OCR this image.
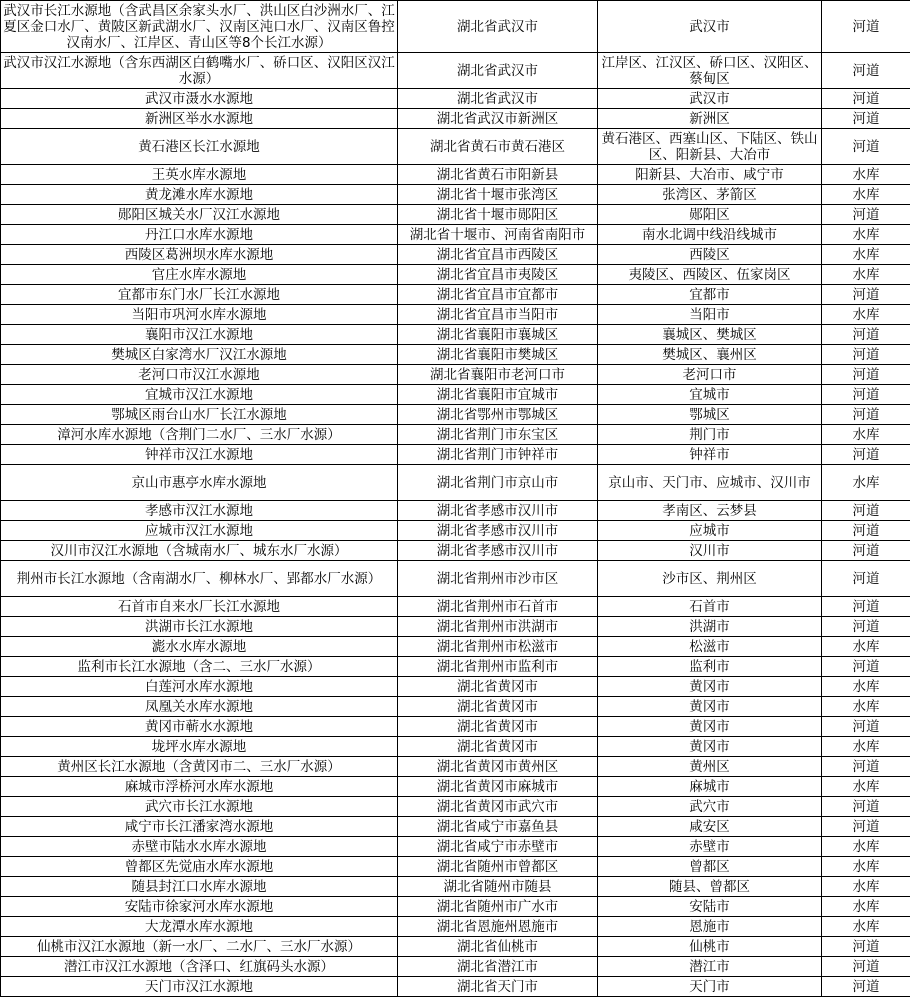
武汉市长江水源地（含武昌区余家头水厂、洪山区白沙洲水厂、江夏区金口水厂、黄陂区新武湖水厂、汉南区沌口水厂、汉南区鲁控汉南水厂、江岸区、青山区等8个长江水源）	湖北省武汉市	武汉市	河道
武汉市汉江水源地（含东西湖区白鹤嘴水厂、硚口区、汉阳区汉江水源）	湖北省武汉市	江岸区、江汉区、硚口区、汉阳区、蔡甸区	河道
武汉市滠水水源地	湖北省武汉市	武汉市	河道
新洲区举水水源地	湖北省武汉市新洲区	新洲区	河道
黄石港区长江水源地	湖北省黄石市黄石港区	黄石港区、西塞山区、下陆区、铁山区、阳新县、大冶市	河道
王英水库水源地	湖北省黄石市阳新县	阳新县、大冶市、咸宁市	水库
黄龙滩水库水源地	湖北省十堰市张湾区	张湾区、茅箭区	水库
郧阳区城关水厂汉江水源地	湖北省十堰市郧阳区	郧阳区	河道
丹江口水库水源地	湖北省十堰市、河南省南阳市	南水北调中线沿线城市	水库
西陵区葛洲坝水库水源地	湖北省宜昌市西陵区	西陵区	水库
官庄水库水源地	湖北省宜昌市夷陵区	夷陵区、西陵区、伍家岗区	水库
宜都市东门水厂长江水源地	湖北省宜昌市宜都市	宜都市	河道
当阳市巩河水库水源地	湖北省宜昌市当阳市	当阳市	水库
襄阳市汉江水源地	湖北省襄阳市襄城区	襄城区、樊城区	河道
樊城区白家湾水厂汉江水源地	湖北省襄阳市樊城区	樊城区、襄州区	河道
老河口市汉江水源地	湖北省襄阳市老河口市	老河口市	河道
宜城市汉江水源地	湖北省襄阳市宜城市	宜城市	河道
鄂城区雨台山水厂长江水源地	湖北省鄂州市鄂城区	鄂城区	河道
漳河水库水源地（含荆门二水厂、三水厂水源）	湖北省荆门市东宝区	荆门市	水库
钟祥市汉江水源地	湖北省荆门市钟祥市	钟祥市	河道
京山市惠亭水库水源地	湖北省荆门市京山市	京山市、天门市、应城市、汉川市	水库
孝感市汉江水源地	湖北省孝感市汉川市	孝南区、云梦县	河道
应城市汉江水源地	湖北省孝感市汉川市	应城市	河道
汉川市汉江水源地（含城南水厂、城东水厂水源）	湖北省孝感市汉川市	汉川市	河道
荆州市长江水源地（含南湖水厂、柳林水厂、郢都水厂水源）	湖北省荆州市沙市区	沙市区、荆州区	河道
石首市自来水厂长江水源地	湖北省荆州市石首市	石首市	河道
洪湖市长江水源地	湖北省荆州市洪湖市	洪湖市	河道
滮水水库水源地	湖北省荆州市松滋市	松滋市	水库
监利市长江水源地（含二、三水厂水源）	湖北省荆州市监利市	监利市	河道
白莲河水库水源地	湖北省黄冈市	黄冈市	水库
凤凰关水库水源地	湖北省黄冈市	黄冈市	水库
黄冈市蕲水水源地	湖北省黄冈市	黄冈市	河道
垅坪水库水源地	湖北省黄冈市	黄冈市	水库
黄州区长江水源地（含黄冈市二、三水厂水源）	湖北省黄冈市黄州区	黄州区	河道
麻城市浮桥河水库水源地	湖北省黄冈市麻城市	麻城市	水库
武穴市长江水源地	湖北省黄冈市武穴市	武穴市	河道
咸宁市长江潘家湾水源地	湖北省咸宁市嘉鱼县	咸安区	河道
赤壁市陆水水库水源地	湖北省咸宁市赤壁市	赤壁市	水库
曾都区先觉庙水库水源地	湖北省随州市曾都区	曾都区	水库
随县封江口水库水源地	湖北省随州市随县	随县、曾都区	水库
安陆市徐家河水库水源地	湖北省随州市广水市	安陆市	水库
大龙潭水库水源地	湖北省恩施州恩施市	恩施市	水库
仙桃市汉江水源地（新一水厂、二水厂、三水厂水源）	湖北省仙桃市	仙桃市	河道
潜江市汉江水源地（含泽口、红旗码头水源）	湖北省潜江市	潜江市	河道
天门市汉江水源地	湖北省天门市	天门市	河道
